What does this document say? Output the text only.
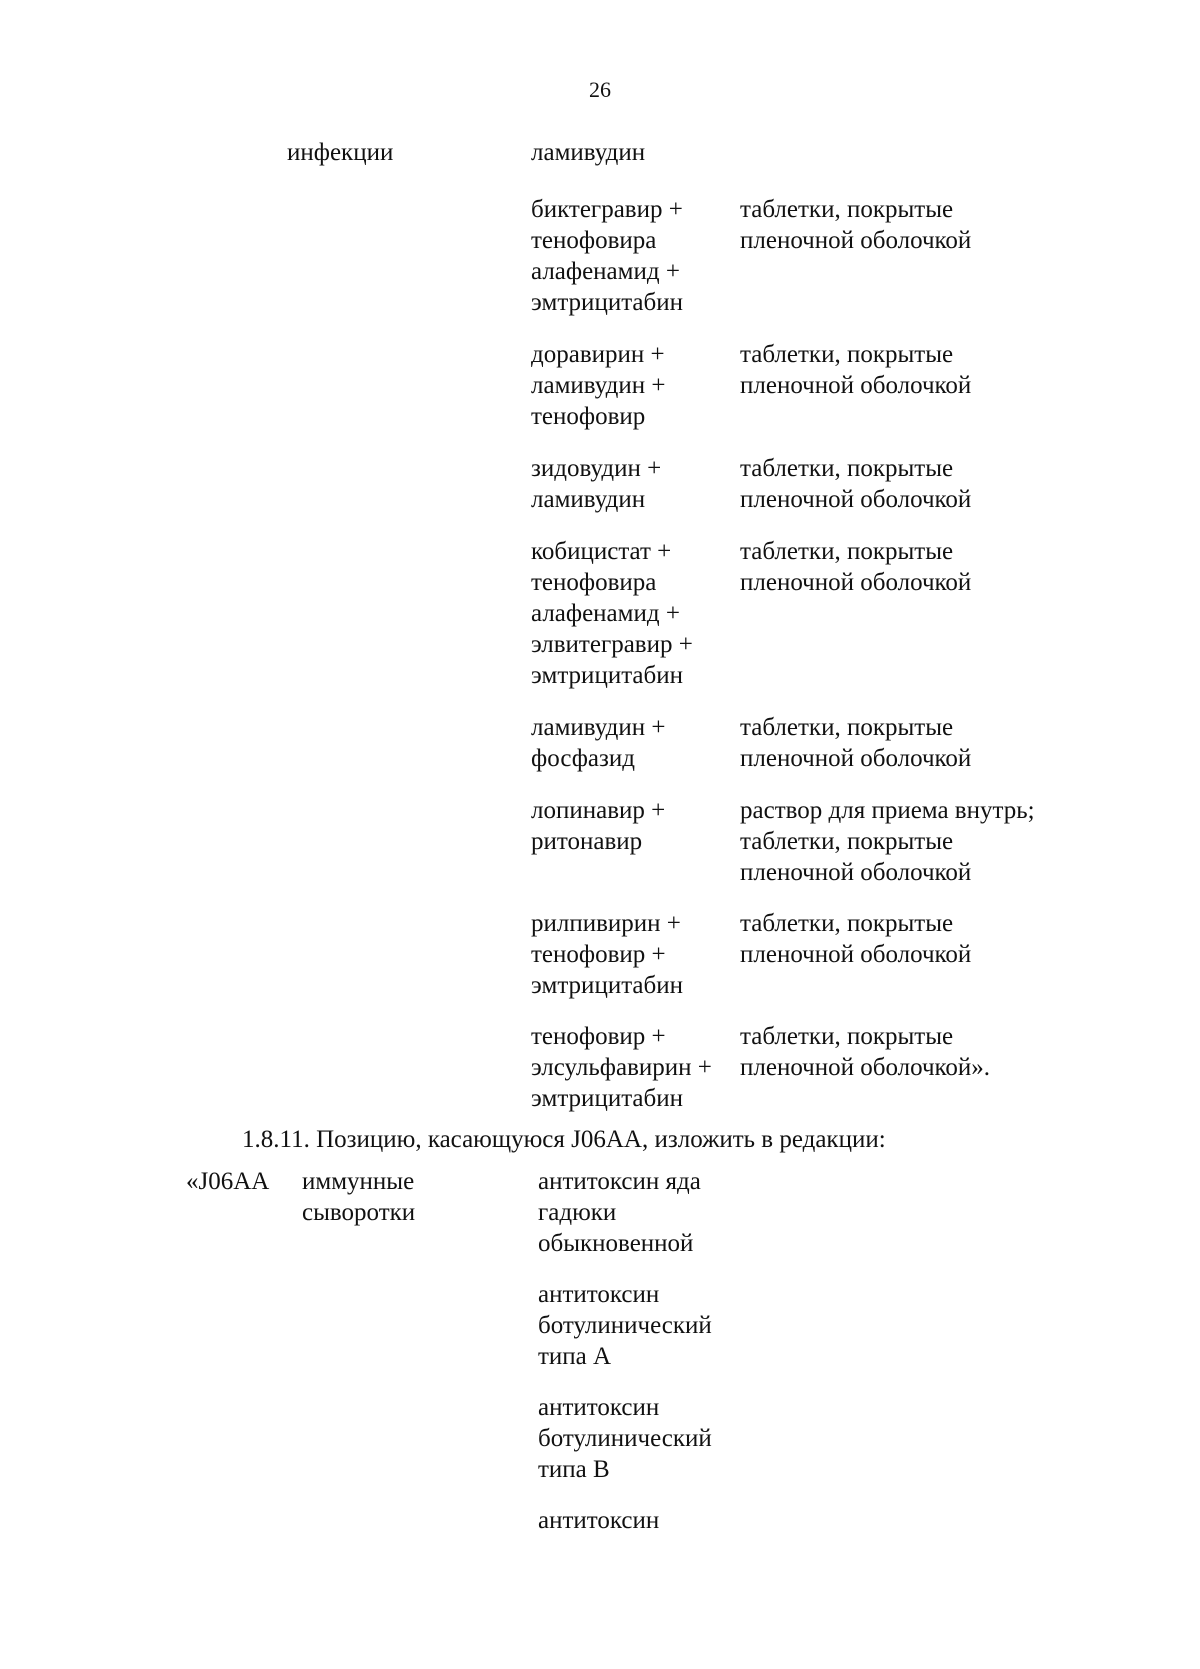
26
инфекции	ламивудин
биктегравир +
тенофовира
алафенамид +
эмтрицитабин
таблетки, покрытые
пленочной оболочкой
доравирин +
ламивудин +
тенофовир
таблетки, покрытые
пленочной оболочкой
зидовудин +
ламивудин
таблетки, покрытые
пленочной оболочкой
кобицистат +
тенофовира
алафенамид +
элвитегравир +
эмтрицитабин
таблетки, покрытые
пленочной оболочкой
ламивудин +
фосфазид
таблетки, покрытые
пленочной оболочкой
лопинавир +
ритонавир
раствор для приема внутрь;
таблетки, покрытые
пленочной оболочкой
рилпивирин +
тенофовир +
эмтрицитабин
таблетки, покрытые
пленочной оболочкой
тенофовир +
элсульфавирин +
эмтрицитабин
таблетки, покрытые
пленочной оболочкой».
1.8.11. Позицию, касающуюся J06AA, изложить в редакции:
«J06AA иммунные
сыворотки
антитоксин яда
гадюки
обыкновенной
антитоксин
ботулинический
типа A
антитоксин
ботулинический
типа B
антитоксин
